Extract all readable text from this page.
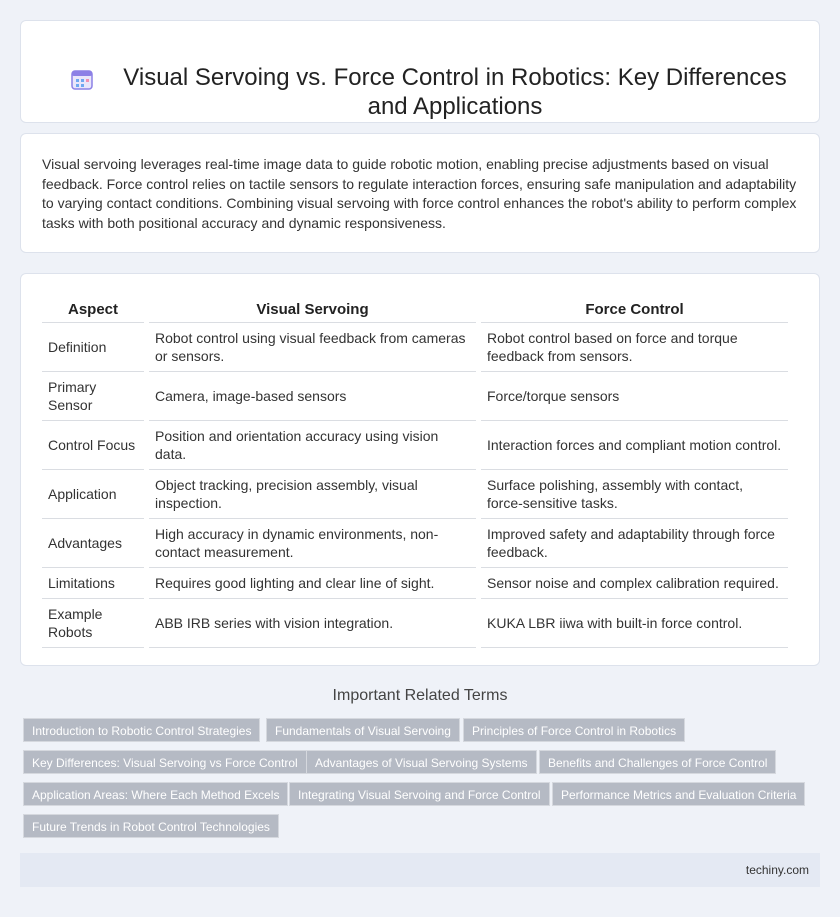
Visual Servoing vs. Force Control in Robotics: Key Differences and Applications

Visual servoing leverages real-time image data to guide robotic motion, enabling precise adjustments based on visual feedback. Force control relies on tactile sensors to regulate interaction forces, ensuring safe manipulation and adaptability to varying contact conditions. Combining visual servoing with force control enhances the robot's ability to perform complex tasks with both positional accuracy and dynamic responsiveness.

Aspect	Visual Servoing	Force Control
Definition	Robot control using visual feedback from cameras or sensors.	Robot control based on force and torque feedback from sensors.
Primary Sensor	Camera, image-based sensors	Force/torque sensors
Control Focus	Position and orientation accuracy using vision data.	Interaction forces and compliant motion control.
Application	Object tracking, precision assembly, visual inspection.	Surface polishing, assembly with contact, force-sensitive tasks.
Advantages	High accuracy in dynamic environments, non-contact measurement.	Improved safety and adaptability through force feedback.
Limitations	Requires good lighting and clear line of sight.	Sensor noise and complex calibration required.
Example Robots	ABB IRB series with vision integration.	KUKA LBR iiwa with built-in force control.
Important Related Terms
Introduction to Robotic Control Strategies	Fundamentals of Visual Servoing	Principles of Force Control in Robotics
Key Differences: Visual Servoing vs Force Control	Advantages of Visual Servoing Systems	Benefits and Challenges of Force Control
Application Areas: Where Each Method Excels	Integrating Visual Servoing and Force Control	Performance Metrics and Evaluation Criteria
Future Trends in Robot Control Technologies
techiny.com
